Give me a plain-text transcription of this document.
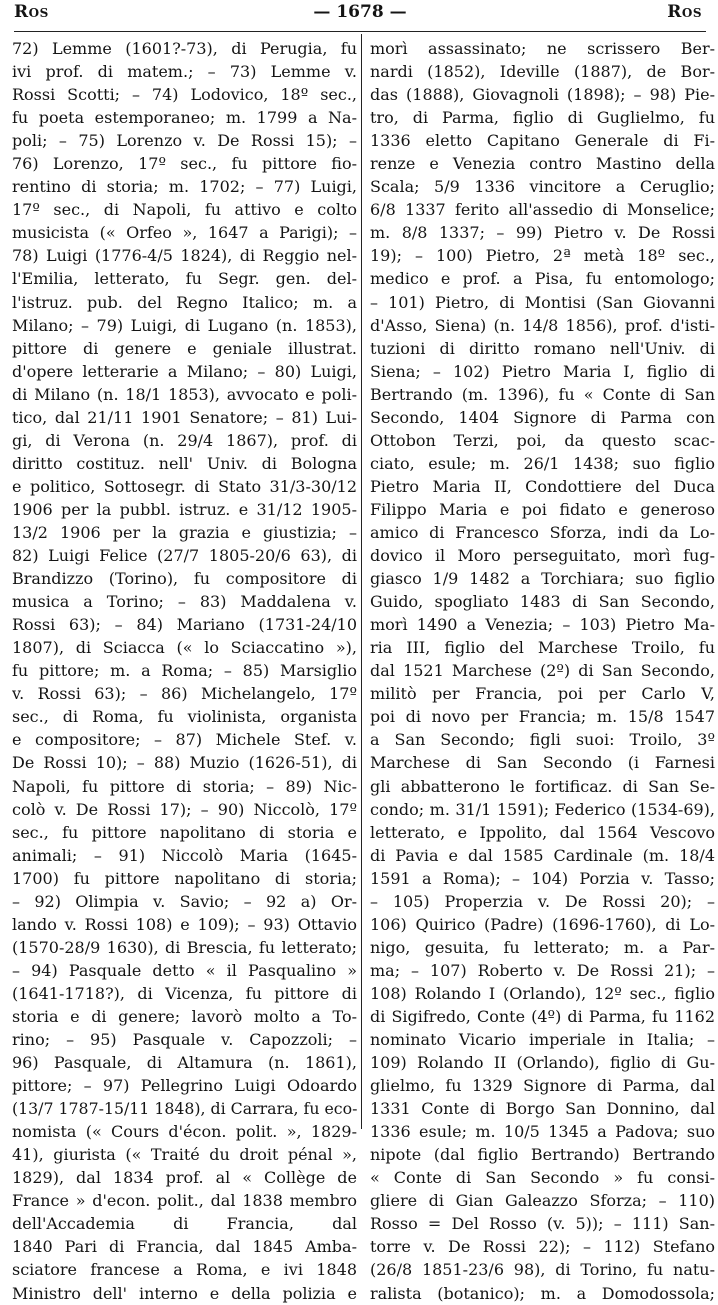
Ros	— 1678 —	Ros
72) Lemme (1601?-73), di Perugia, fu
ivi prof. di matem.; – 73) Lemme v.
Rossi Scotti; – 74) Lodovico, 18º sec.,
fu poeta estemporaneo; m. 1799 a Na-
poli; – 75) Lorenzo v. De Rossi 15); –
76) Lorenzo, 17º sec., fu pittore fio-
rentino di storia; m. 1702; – 77) Luigi,
17º sec., di Napoli, fu attivo e colto
musicista (« Orfeo », 1647 a Parigi); –
78) Luigi (1776-4/5 1824), di Reggio nel-
l'Emilia, letterato, fu Segr. gen. del-
l'istruz. pub. del Regno Italico; m. a
Milano; – 79) Luigi, di Lugano (n. 1853),
pittore di genere e geniale illustrat.
d'opere letterarie a Milano; – 80) Luigi,
di Milano (n. 18/1 1853), avvocato e poli-
tico, dal 21/11 1901 Senatore; – 81) Lui-
gi, di Verona (n. 29/4 1867), prof. di
diritto costituz. nell' Univ. di Bologna
e politico, Sottosegr. di Stato 31/3-30/12
1906 per la pubbl. istruz. e 31/12 1905-
13/2 1906 per la grazia e giustizia; –
82) Luigi Felice (27/7 1805-20/6 63), di
Brandizzo (Torino), fu compositore di
musica a Torino; – 83) Maddalena v.
Rossi 63); – 84) Mariano (1731-24/10
1807), di Sciacca (« lo Sciaccatino »),
fu pittore; m. a Roma; – 85) Marsiglio
v. Rossi 63); – 86) Michelangelo, 17º
sec., di Roma, fu violinista, organista
e compositore; – 87) Michele Stef. v.
De Rossi 10); – 88) Muzio (1626-51), di
Napoli, fu pittore di storia; – 89) Nic-
colò v. De Rossi 17); – 90) Niccolò, 17º
sec., fu pittore napolitano di storia e
animali; – 91) Niccolò Maria (1645-
1700) fu pittore napolitano di storia;
– 92) Olimpia v. Savio; – 92 a) Or-
lando v. Rossi 108) e 109); – 93) Ottavio
(1570-28/9 1630), di Brescia, fu letterato;
– 94) Pasquale detto « il Pasqualino »
(1641-1718?), di Vicenza, fu pittore di
storia e di genere; lavorò molto a To-
rino; – 95) Pasquale v. Capozzoli; –
96) Pasquale, di Altamura (n. 1861),
pittore; – 97) Pellegrino Luigi Odoardo
(13/7 1787-15/11 1848), di Carrara, fu eco-
nomista (« Cours d'écon. polit. », 1829-
41), giurista (« Traité du droit pénal »,
1829), dal 1834 prof. al « Collège de
France » d'econ. polit., dal 1838 membro
dell'Accademia di Francia, dal
1840 Pari di Francia, dal 1845 Amba-
sciatore francese a Roma, e ivi 1848
Ministro dell' interno e della polizia e
morì assassinato; ne scrissero Ber-
nardi (1852), Ideville (1887), de Bor-
das (1888), Giovagnoli (1898); – 98) Pie-
tro, di Parma, figlio di Guglielmo, fu
1336 eletto Capitano Generale di Fi-
renze e Venezia contro Mastino della
Scala; 5/9 1336 vincitore a Ceruglio;
6/8 1337 ferito all'assedio di Monselice;
m. 8/8 1337; – 99) Pietro v. De Rossi
19); – 100) Pietro, 2ª metà 18º sec.,
medico e prof. a Pisa, fu entomologo;
– 101) Pietro, di Montisi (San Giovanni
d'Asso, Siena) (n. 14/8 1856), prof. d'isti-
tuzioni di diritto romano nell'Univ. di
Siena; – 102) Pietro Maria I, figlio di
Bertrando (m. 1396), fu « Conte di San
Secondo, 1404 Signore di Parma con
Ottobon Terzi, poi, da questo scac-
ciato, esule; m. 26/1 1438; suo figlio
Pietro Maria II, Condottiere del Duca
Filippo Maria e poi fidato e generoso
amico di Francesco Sforza, indi da Lo-
dovico il Moro perseguitato, morì fug-
giasco 1/9 1482 a Torchiara; suo figlio
Guido, spogliato 1483 di San Secondo,
morì 1490 a Venezia; – 103) Pietro Ma-
ria III, figlio del Marchese Troilo, fu
dal 1521 Marchese (2º) di San Secondo,
militò per Francia, poi per Carlo V,
poi di novo per Francia; m. 15/8 1547
a San Secondo; figli suoi: Troilo, 3º
Marchese di San Secondo (i Farnesi
gli abbatterono le fortificaz. di San Se-
condo; m. 31/1 1591); Federico (1534-69),
letterato, e Ippolito, dal 1564 Vescovo
di Pavia e dal 1585 Cardinale (m. 18/4
1591 a Roma); – 104) Porzia v. Tasso;
– 105) Properzia v. De Rossi 20); –
106) Quirico (Padre) (1696-1760), di Lo-
nigo, gesuita, fu letterato; m. a Par-
ma; – 107) Roberto v. De Rossi 21); –
108) Rolando I (Orlando), 12º sec., figlio
di Sigifredo, Conte (4º) di Parma, fu 1162
nominato Vicario imperiale in Italia; –
109) Rolando II (Orlando), figlio di Gu-
glielmo, fu 1329 Signore di Parma, dal
1331 Conte di Borgo San Donnino, dal
1336 esule; m. 10/5 1345 a Padova; suo
nipote (dal figlio Bertrando) Bertrando
« Conte di San Secondo » fu consi-
gliere di Gian Galeazzo Sforza; – 110)
Rosso = Del Rosso (v. 5)); – 111) San-
torre v. De Rossi 22); – 112) Stefano
(26/8 1851-23/6 98), di Torino, fu natu-
ralista (botanico); m. a Domodossola;
